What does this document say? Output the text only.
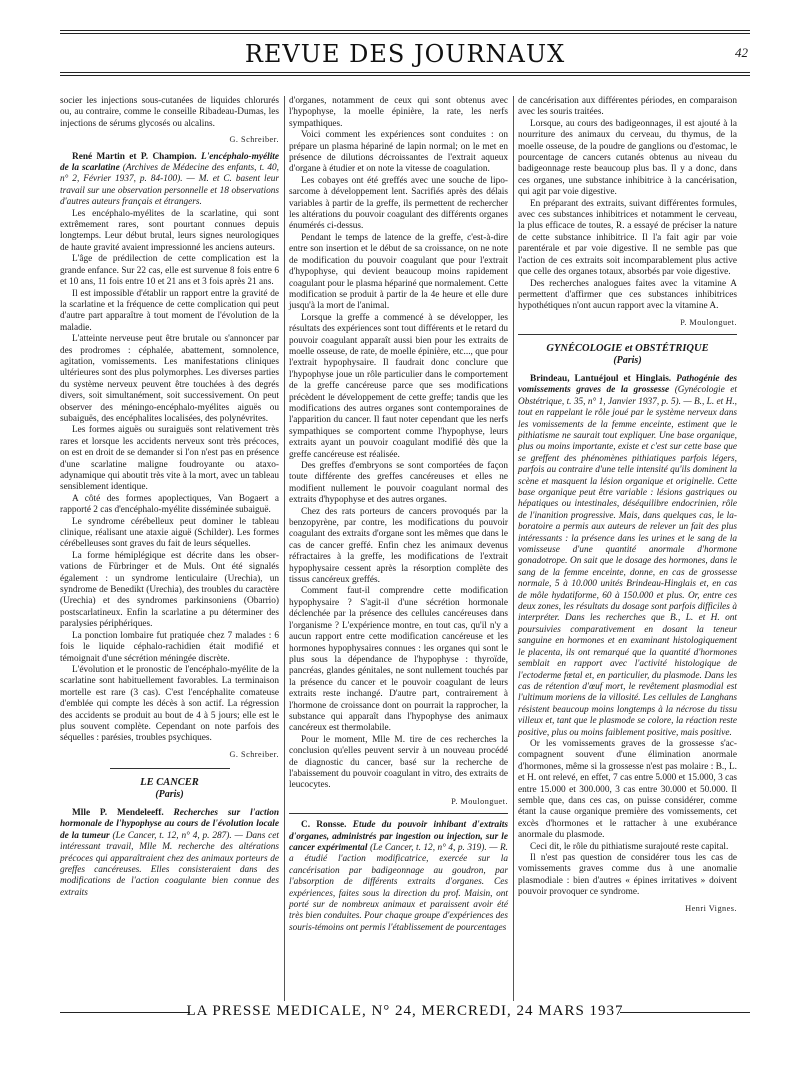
REVUE DES JOURNAUX	42

socier les injections sous-cutanées de liquides chlorurés ou, au contraire, comme le conseille Ribadeau-Dumas, les injections de sérums glycosés ou alcalins.

G. Schreiber.

René Martin et P. Champion. L'encéphalo-myélite de la scarlatine (Archives de Médecine des enfants, t. 40, n° 2, Février 1937, p. 84-100). — M. et C. basent leur travail sur une observation personnelle et 18 observations d'autres auteurs français et étrangers.

Les encéphalo-myélites de la scarlatine, qui sont extrêmement rares, sont pourtant connues depuis longtemps. Leur début brutal, leurs signes neurologiques de haute gravité avaient impressionné les anciens auteurs.

L'âge de prédilection de cette complication est la grande enfance. Sur 22 cas, elle est survenue 8 fois entre 6 et 10 ans, 11 fois entre 10 et 21 ans et 3 fois après 21 ans.

Il est impossible d'établir un rapport entre la gravité de la scarlatine et la fréquence de cette complication qui peut d'autre part apparaître à tout moment de l'évolution de la maladie.

L'atteinte nerveuse peut être brutale ou s'annoncer par des prodromes : céphalée, abattement, somnolence, agitation, vomissements. Les manifestations cliniques ultérieures sont des plus polymorphes. Les diverses parties du système nerveux peuvent être touchées à des degrés divers, soit simultanément, soit successivement. On peut observer des méningo-encéphalo-myélites aiguës ou subaiguës, des encéphalites localisées, des polynévrites.

Les formes aiguës ou suraiguës sont relativement très rares et lorsque les accidents nerveux sont très précoces, on est en droit de se demander si l'on n'est pas en présence d'une scarlatine maligne foudroyante ou ataxo-adynamique qui aboutit très vite à la mort, avec un tableau sensiblement identique.

A côté des formes apoplectiques, Van Bogaert a rapporté 2 cas d'encéphalo-myélite disséminée subaiguë.

Le syndrome cérébelleux peut dominer le tableau clinique, réalisant une ataxie aiguë (Schilder). Les formes cérébelleuses sont graves du fait de leurs séquelles.

La forme hémiplégique est décrite dans les observations de Fürbringer et de Muls. Ont été signalés également : un syndrome lenticulaire (Urechia), un syndrome de Benedikt (Urechia), des troubles du caractère (Urechia) et des syndromes parkinsoniens (Obarrio) postscarlatineux. Enfin la scarlatine a pu déterminer des paralysies périphériques.

La ponction lombaire fut pratiquée chez 7 malades : 6 fois le liquide céphalo-rachidien était modifié et témoignait d'une sécrétion méningée discrète.

L'évolution et le pronostic de l'encéphalo-myélite de la scarlatine sont habituellement favorables. La terminaison mortelle est rare (3 cas). C'est l'encéphalite comateuse d'emblée qui compte les décès à son actif. La régression des accidents se produit au bout de 4 à 5 jours; elle est le plus souvent complète. Cependant on note parfois des séquelles : parésies, troubles psychiques.

G. Schreiber.

LE CANCER

(Paris)

Mlle P. Mendeleeff. Recherches sur l'action hormonale de l'hypophyse au cours de l'évolution locale de la tumeur (Le Cancer, t. 12, n° 4, p. 287). — Dans cet intéressant travail, Mlle M. recherche des altérations précoces qui apparaîtraient chez des animaux porteurs de greffes cancéreuses. Elles consisteraient dans des modifications de l'action coagulante bien connue des extraits

d'organes, notamment de ceux qui sont obtenus avec l'hypophyse, la moelle épinière, la rate, les nerfs sympathiques.

Voici comment les expériences sont conduites : on prépare un plasma hépariné de lapin normal; on le met en présence de dilutions décroissantes de l'extrait aqueux d'organe à étudier et on note la vitesse de coagulation.

Les cobayes ont été greffés avec une souche de lipo-sarcome à développement lent. Sacrifiés après des délais variables à partir de la greffe, ils permettent de rechercher les altérations du pouvoir coagulant des différents organes énumérés ci-dessus.

Pendant le temps de latence de la greffe, c'est-à-dire entre son insertion et le début de sa croissance, on ne note de modification du pouvoir coagulant que pour l'extrait d'hypophyse, qui devient beaucoup moins rapidement coagulant pour le plasma hépariné que normalement. Cette modification se produit à partir de la 4e heure et elle dure jusqu'à la mort de l'animal.

Lorsque la greffe a commencé à se développer, les résultats des expériences sont tout différents et le retard du pouvoir coagulant apparaît aussi bien pour les extraits de moelle osseuse, de rate, de moelle épinière, etc..., que pour l'extrait hypophysaire. Il faudrait donc conclure que l'hypophyse joue un rôle particulier dans le comportement de la greffe cancéreuse parce que ses modifications précèdent le développement de cette greffe; tandis que les modifications des autres organes sont contemporaines de l'apparition du cancer. Il faut noter cependant que les nerfs sympathiques se comportent comme l'hypophyse, leurs extraits ayant un pouvoir coagulant modifié dès que la greffe cancéreuse est réalisée.

Des greffes d'embryons se sont comportées de façon toute différente des greffes cancéreuses et elles ne modifient nullement le pouvoir coagulant normal des extraits d'hypophyse et des autres organes.

Chez des rats porteurs de cancers provoqués par la benzopyrène, par contre, les modifications du pouvoir coagulant des extraits d'organe sont les mêmes que dans le cas de cancer greffé. Enfin chez les animaux devenus réfractaires à la greffe, les modifications de l'extrait hypophysaire cessent après la résorption complète des tissus cancéreux greffés.

Comment faut-il comprendre cette modification hypophysaire ? S'agit-il d'une sécrétion hormonale déclenchée par la présence des cellules cancéreuses dans l'organisme ? L'expérience montre, en tout cas, qu'il n'y a aucun rapport entre cette modification cancéreuse et les hormones hypophysaires connues : les organes qui sont le plus sous la dépendance de l'hypophyse : thyroïde, pancréas, glandes génitales, ne sont nullement touchés par la présence du cancer et le pouvoir coagulant de leurs extraits reste inchangé. D'autre part, contrairement à l'hormone de croissance dont on pourrait la rapprocher, la substance qui apparaît dans l'hypophyse des animaux cancéreux est thermolabile.

Pour le moment, Mlle M. tire de ces recherches la conclusion qu'elles peuvent servir à un nouveau procédé de diagnostic du cancer, basé sur la recherche de l'abaissement du pouvoir coagulant in vitro, des extraits de leucocytes.

P. Moulonguet.

C. Ronsse. Etude du pouvoir inhibant d'extraits d'organes, administrés par ingestion ou injection, sur le cancer expérimental (Le Cancer, t. 12, n° 4, p. 319). — R. a étudié l'action modificatrice, exercée sur la cancérisation par badigeonnage au goudron, par l'absorption de différents extraits d'organes. Ces expériences, faites sous la direction du prof. Maisin, ont porté sur de nombreux animaux et paraissent avoir été très bien conduites. Pour chaque groupe d'expériences des souris-témoins ont permis l'établissement de pourcentages

de cancérisation aux différentes périodes, en comparaison avec les souris traitées.

Lorsque, au cours des badigeonnages, il est ajouté à la nourriture des animaux du cerveau, du thymus, de la moelle osseuse, de la poudre de ganglions ou d'estomac, le pourcentage de cancers cutanés obtenus au niveau du badigeonnage reste beaucoup plus bas. Il y a donc, dans ces organes, une substance inhibitrice à la cancérisation, qui agit par voie digestive.

En préparant des extraits, suivant différentes formules, avec ces substances inhibitrices et notamment le cerveau, la plus efficace de toutes, R. a essayé de préciser la nature de cette substance inhibitrice. Il l'a fait agir par voie parentérale et par voie digestive. Il ne semble pas que l'action de ces extraits soit incomparablement plus active que celle des organes totaux, absorbés par voie digestive.

Des recherches analogues faites avec la vitamine A permettent d'affirmer que ces substances inhibitrices hypothétiques n'ont aucun rapport avec la vitamine A.

P. Moulonguet.

GYNÉCOLOGIE et OBSTÉTRIQUE

(Paris)

Brindeau, Lantuéjoul et Hinglais. Pathogénie des vomissements graves de la grossesse (Gynécologie et Obstétrique, t. 35, n° 1, Janvier 1937, p. 5). — B., L. et H., tout en rappelant le rôle joué par le système nerveux dans les vomissements de la femme enceinte, estiment que le pithiatisme ne saurait tout expliquer. Une base organique, plus ou moins importante, existe et c'est sur cette base que se greffent des phénomènes pithiatiques parfois légers, parfois au contraire d'une telle intensité qu'ils dominent la scène et masquent la lésion organique et originelle. Cette base organique peut être variable : lésions gastriques ou hépatiques ou intestinales, déséquilibre endocrinien, rôle de l'inanition progressive. Mais, dans quelques cas, le laboratoire a permis aux auteurs de relever un fait des plus intéressants : la présence dans les urines et le sang de la vomisseuse d'une quantité anormale d'hormone gonadotrope. On sait que le dosage des hormones, dans le sang de la femme enceinte, donne, en cas de grossesse normale, 5 à 10.000 unités Brindeau-Hinglais et, en cas de môle hydatiforme, 60 à 150.000 et plus. Or, entre ces deux zones, les résultats du dosage sont parfois difficiles à interpréter. Dans les recherches que B., L. et H. ont poursuivies comparativement en dosant la teneur sanguine en hormones et en examinant histologiquement le placenta, ils ont remarqué que la quantité d'hormones semblait en rapport avec l'activité histologique de l'ectoderme fœtal et, en particulier, du plasmode. Dans les cas de rétention d'œuf mort, le revêtement plasmodial est l'ultimum moriens de la villosité. Les cellules de Langhans résistent beaucoup moins longtemps à la nécrose du tissu villeux et, tant que le plasmode se colore, la réaction reste positive, plus ou moins faiblement positive, mais positive.

Or les vomissements graves de la grossesse s'accompagnent souvent d'une élimination anormale d'hormones, même si la grossesse n'est pas molaire : B., L. et H. ont relevé, en effet, 7 cas entre 5.000 et 15.000, 3 cas entre 15.000 et 300.000, 3 cas entre 30.000 et 50.000. Il semble que, dans ces cas, on puisse considérer, comme étant la cause organique première des vomissements, cet excès d'hormones et le rattacher à une exubérance anormale du plasmode.

Ceci dit, le rôle du pithiatisme surajouté reste capital.

Il n'est pas question de considérer tous les cas de vomissements graves comme dus à une anomalie plasmodiale : bien d'autres « épines irritatives » doivent pouvoir provoquer ce syndrome.

Henri Vignes.

LA PRESSE MEDICALE, N° 24, MERCREDI, 24 MARS 1937
